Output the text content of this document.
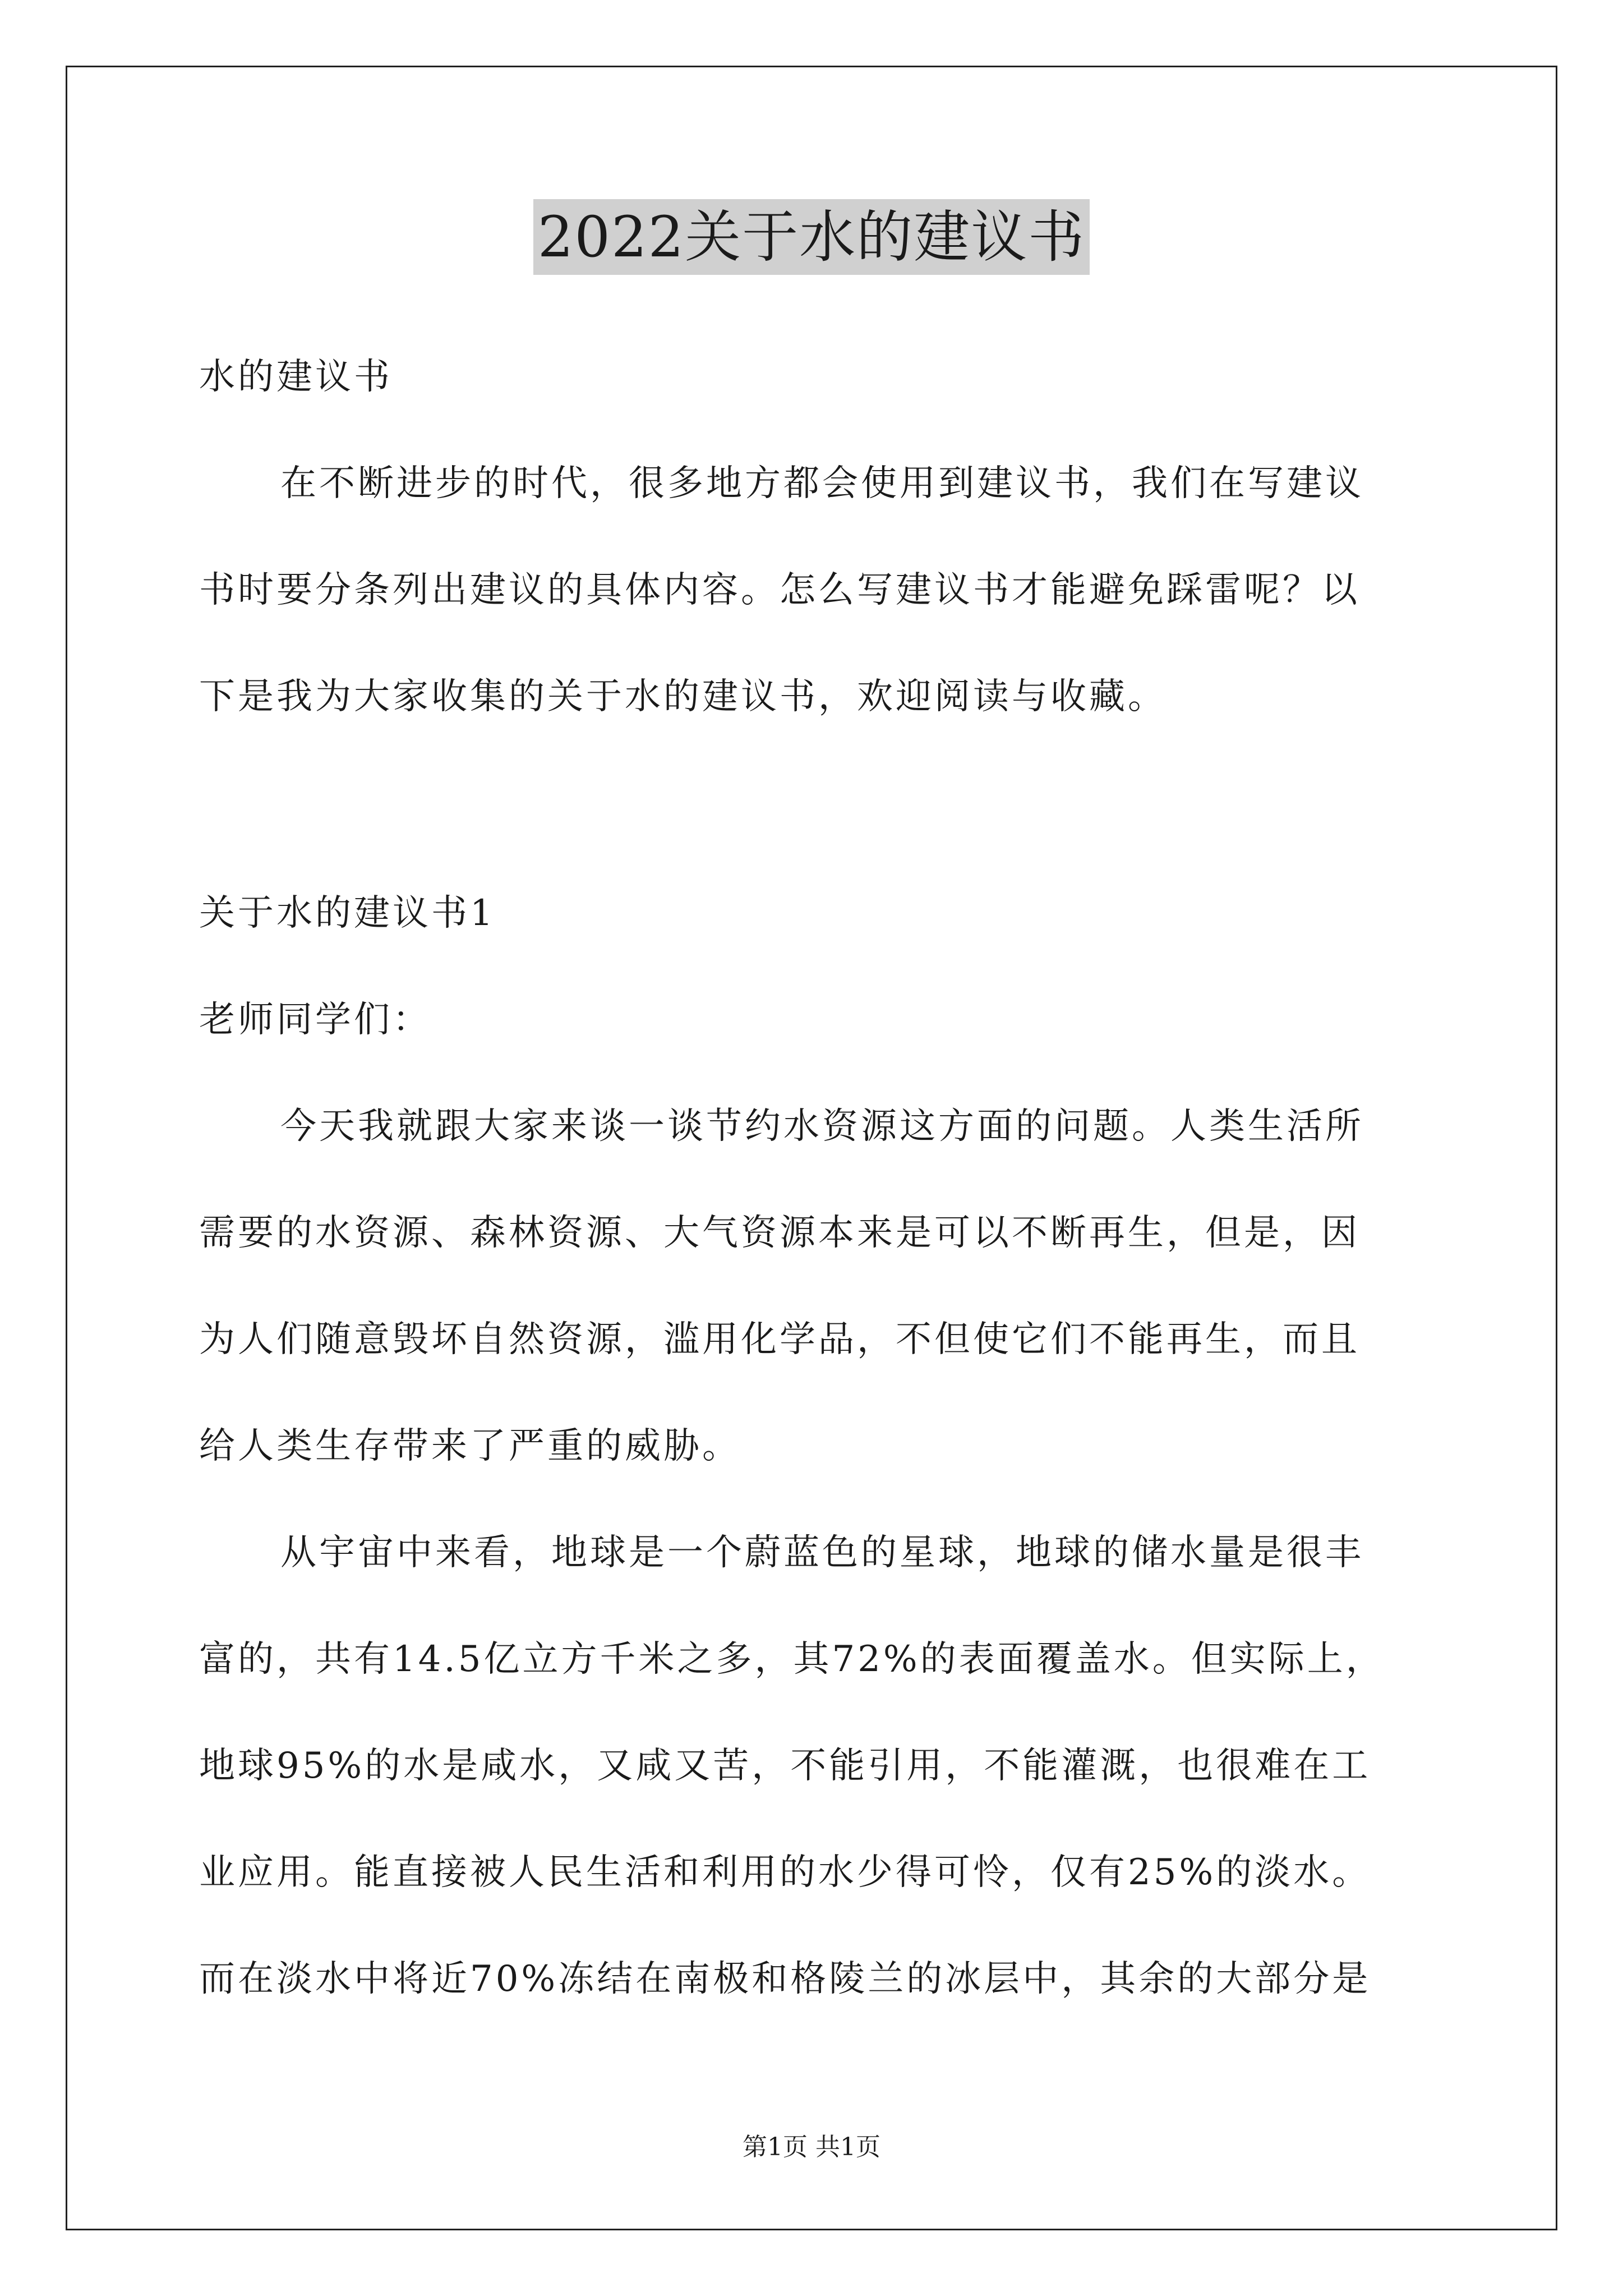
2022关于水的建议书
水的建议书
在不断进步的时代，很多地方都会使用到建议书，我们在写建议
书时要分条列出建议的具体内容。怎么写建议书才能避免踩雷呢？以
下是我为大家收集的关于水的建议书，欢迎阅读与收藏。
关于水的建议书1
老师同学们：
今天我就跟大家来谈一谈节约水资源这方面的问题。人类生活所
需要的水资源、森林资源、大气资源本来是可以不断再生，但是，因
为人们随意毁坏自然资源，滥用化学品，不但使它们不能再生，而且
给人类生存带来了严重的威胁。
从宇宙中来看，地球是一个蔚蓝色的星球，地球的储水量是很丰
富的，共有14.5亿立方千米之多，其72%的表面覆盖水。但实际上，
地球95%的水是咸水，又咸又苦，不能引用，不能灌溉，也很难在工
业应用。能直接被人民生活和利用的水少得可怜，仅有25%的淡水。
而在淡水中将近70%冻结在南极和格陵兰的冰层中，其余的大部分是
第1页 共1页
